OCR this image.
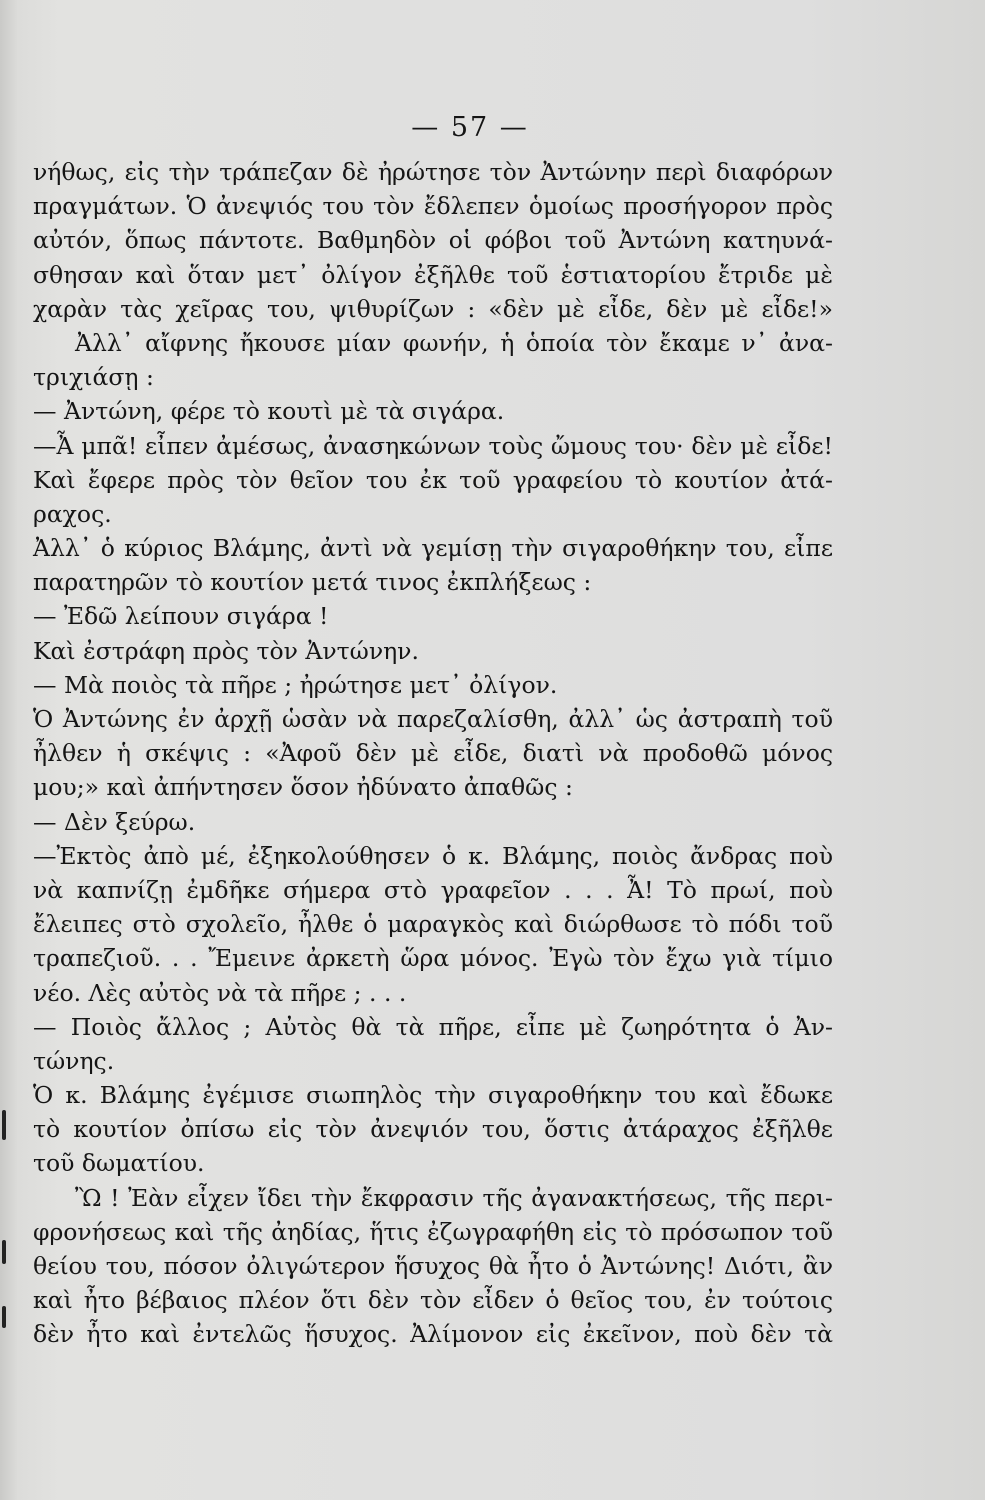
— 57 —
νήθως, εἰς τὴν τράπεζαν δὲ ἠρώτησε τὸν Ἀντώνην περὶ διαφόρων
πραγμάτων. Ὁ ἀνεψιός του τὸν ἔδλεπεν ὁμοίως προσήγορον πρὸς
αὐτόν, ὅπως πάντοτε. Βαθμηδὸν οἱ φόβοι τοῦ Ἀντώνη κατηυνά-
σθησαν καὶ ὅταν μετ᾽ ὀλίγον ἐξῆλθε τοῦ ἑστιατορίου ἔτριδε μὲ
χαρὰν τὰς χεῖρας του, ψιθυρίζων : «δὲν μὲ εἶδε, δὲν μὲ εἶδε!»
Ἀλλ᾽ αἴφνης ἤκουσε μίαν φωνήν, ἡ ὁποία τὸν ἔκαμε ν᾽ ἀνα-
τριχιάσῃ :
— Ἀντώνη, φέρε τὸ κουτὶ μὲ τὰ σιγάρα.
—Ἆ μπᾶ! εἶπεν ἀμέσως, ἀνασηκώνων τοὺς ὤμους του· δὲν μὲ εἶδε!
Καὶ ἔφερε πρὸς τὸν θεῖον του ἐκ τοῦ γραφείου τὸ κουτίον ἀτά-
ραχος.
Ἀλλ᾽ ὁ κύριος Βλάμης, ἀντὶ νὰ γεμίσῃ τὴν σιγαροθήκην του, εἶπε
παρατηρῶν τὸ κουτίον μετά τινος ἐκπλήξεως :
— Ἐδῶ λείπουν σιγάρα !
Καὶ ἐστράφη πρὸς τὸν Ἀντώνην.
— Μὰ ποιὸς τὰ πῆρε ; ἠρώτησε μετ᾽ ὀλίγον.
Ὁ Ἀντώνης ἐν ἀρχῇ ὡσὰν νὰ παρεζαλίσθη, ἀλλ᾽ ὡς ἀστραπὴ τοῦ
ἦλθεν ἡ σκέψις : «Ἀφοῦ δὲν μὲ εἶδε, διατὶ νὰ προδοθῶ μόνος
μου;» καὶ ἀπήντησεν ὅσον ἠδύνατο ἀπαθῶς :
— Δὲν ξεύρω.
—Ἐκτὸς ἀπὸ μέ, ἐξηκολούθησεν ὁ κ. Βλάμης, ποιὸς ἄνδρας ποὺ
νὰ καπνίζῃ ἐμδῆκε σήμερα στὸ γραφεῖον . . . Ἆ! Τὸ πρωί, ποὺ
ἔλειπες στὸ σχολεῖο, ἦλθε ὁ μαραγκὸς καὶ διώρθωσε τὸ πόδι τοῦ
τραπεζιοῦ. . . Ἔμεινε ἀρκετὴ ὥρα μόνος. Ἐγὼ τὸν ἔχω γιὰ τίμιο
νέο. Λὲς αὐτὸς νὰ τὰ πῆρε ; . . .
— Ποιὸς ἄλλος ; Αὐτὸς θὰ τὰ πῆρε, εἶπε μὲ ζωηρότητα ὁ Ἀν-
τώνης.
Ὁ κ. Βλάμης ἐγέμισε σιωπηλὸς τὴν σιγαροθήκην του καὶ ἔδωκε
τὸ κουτίον ὀπίσω εἰς τὸν ἀνεψιόν του, ὅστις ἀτάραχος ἐξῆλθε
τοῦ δωματίου.
Ὢ ! Ἐὰν εἶχεν ἴδει τὴν ἔκφρασιν τῆς ἀγανακτήσεως, τῆς περι-
φρονήσεως καὶ τῆς ἀηδίας, ἥτις ἐζωγραφήθη εἰς τὸ πρόσωπον τοῦ
θείου του, πόσον ὀλιγώτερον ἥσυχος θὰ ἦτο ὁ Ἀντώνης! Διότι, ἂν
καὶ ἦτο βέβαιος πλέον ὅτι δὲν τὸν εἶδεν ὁ θεῖος του, ἐν τούτοις
δὲν ἦτο καὶ ἐντελῶς ἥσυχος. Ἀλίμονον εἰς ἐκεῖνον, ποὺ δὲν τὰ
